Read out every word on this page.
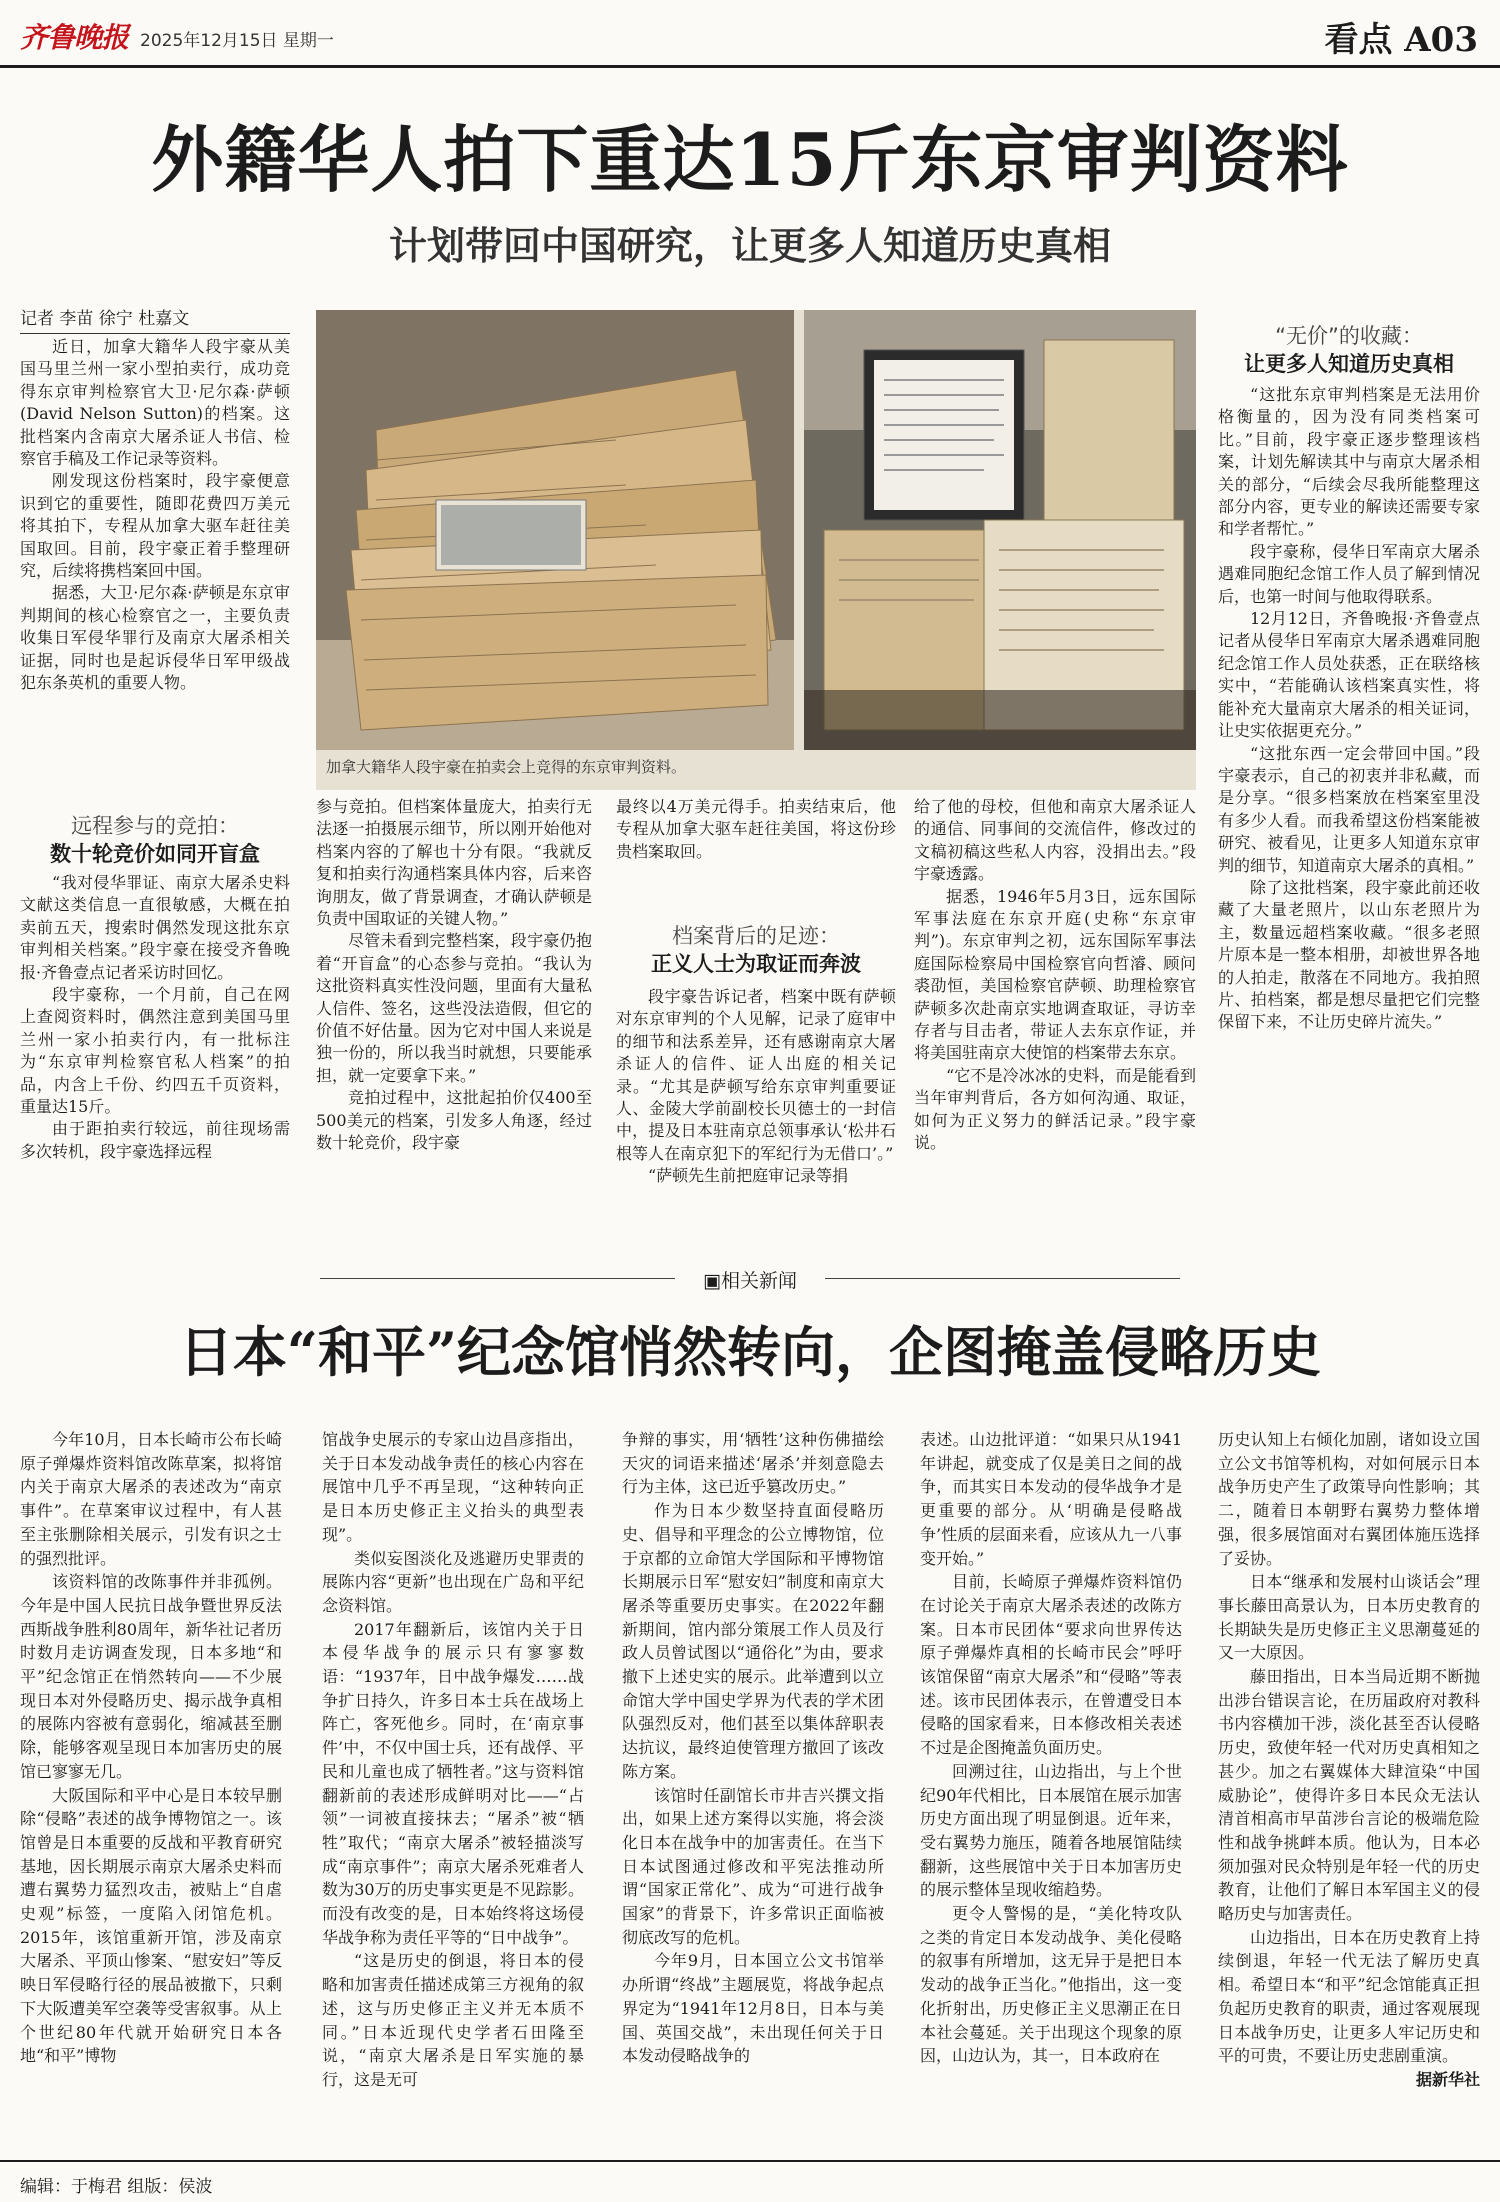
齐鲁晚报 2025年12月15日 星期一	看点 A03
外籍华人拍下重达15斤东京审判资料
计划带回中国研究，让更多人知道历史真相
记者 李苗 徐宁 杜嘉文

近日，加拿大籍华人段宇豪从美国马里兰州一家小型拍卖行，成功竞得东京审判检察官大卫·尼尔森·萨顿(David Nelson Sutton)的档案。这批档案内含南京大屠杀证人书信、检察官手稿及工作记录等资料。

刚发现这份档案时，段宇豪便意识到它的重要性，随即花费四万美元将其拍下，专程从加拿大驱车赶往美国取回。目前，段宇豪正着手整理研究，后续将携档案回中国。

据悉，大卫·尼尔森·萨顿是东京审判期间的核心检察官之一，主要负责收集日军侵华罪行及南京大屠杀相关证据，同时也是起诉侵华日军甲级战犯东条英机的重要人物。

远程参与的竞拍：
数十轮竞价如同开盲盒

“我对侵华罪证、南京大屠杀史料文献这类信息一直很敏感，大概在拍卖前五天，搜索时偶然发现这批东京审判相关档案。”段宇豪在接受齐鲁晚报·齐鲁壹点记者采访时回忆。

段宇豪称，一个月前，自己在网上查阅资料时，偶然注意到美国马里兰州一家小拍卖行内，有一批标注为“东京审判检察官私人档案”的拍品，内含上千份、约四五千页资料，重量达15斤。

由于距拍卖行较远，前往现场需多次转机，段宇豪选择远程

加拿大籍华人段宇豪在拍卖会上竞得的东京审判资料。

参与竞拍。但档案体量庞大，拍卖行无法逐一拍摄展示细节，所以刚开始他对档案内容的了解也十分有限。“我就反复和拍卖行沟通档案具体内容，后来咨询朋友，做了背景调查，才确认萨顿是负责中国取证的关键人物。”

尽管未看到完整档案，段宇豪仍抱着“开盲盒”的心态参与竞拍。“我认为这批资料真实性没问题，里面有大量私人信件、签名，这些没法造假，但它的价值不好估量。因为它对中国人来说是独一份的，所以我当时就想，只要能承担，就一定要拿下来。”

竞拍过程中，这批起拍价仅400至500美元的档案，引发多人角逐，经过数十轮竞价，段宇豪

最终以4万美元得手。拍卖结束后，他专程从加拿大驱车赶往美国，将这份珍贵档案取回。

档案背后的足迹：
正义人士为取证而奔波

段宇豪告诉记者，档案中既有萨顿对东京审判的个人见解，记录了庭审中的细节和法系差异，还有感谢南京大屠杀证人的信件、证人出庭的相关记录。“尤其是萨顿写给东京审判重要证人、金陵大学前副校长贝德士的一封信中，提及日本驻南京总领事承认‘松井石根等人在南京犯下的军纪行为无借口’。”

“萨顿先生前把庭审记录等捐

给了他的母校，但他和南京大屠杀证人的通信、同事间的交流信件，修改过的文稿初稿这些私人内容，没捐出去。”段宇豪透露。

据悉，1946年5月3日，远东国际军事法庭在东京开庭(史称“东京审判”)。东京审判之初，远东国际军事法庭国际检察局中国检察官向哲濬、顾问裘劭恒，美国检察官萨顿、助理检察官萨顿多次赴南京实地调查取证，寻访幸存者与目击者，带证人去东京作证，并将美国驻南京大使馆的档案带去东京。

“它不是冷冰冰的史料，而是能看到当年审判背后，各方如何沟通、取证，如何为正义努力的鲜活记录。”段宇豪说。

“无价”的收藏：
让更多人知道历史真相

“这批东京审判档案是无法用价格衡量的，因为没有同类档案可比。”目前，段宇豪正逐步整理该档案，计划先解读其中与南京大屠杀相关的部分，“后续会尽我所能整理这部分内容，更专业的解读还需要专家和学者帮忙。”

段宇豪称，侵华日军南京大屠杀遇难同胞纪念馆工作人员了解到情况后，也第一时间与他取得联系。

12月12日，齐鲁晚报·齐鲁壹点记者从侵华日军南京大屠杀遇难同胞纪念馆工作人员处获悉，正在联络核实中，“若能确认该档案真实性，将能补充大量南京大屠杀的相关证词，让史实依据更充分。”

“这批东西一定会带回中国。”段宇豪表示，自己的初衷并非私藏，而是分享。“很多档案放在档案室里没有多少人看。而我希望这份档案能被研究、被看见，让更多人知道东京审判的细节，知道南京大屠杀的真相。”

除了这批档案，段宇豪此前还收藏了大量老照片，以山东老照片为主，数量远超档案收藏。“很多老照片原本是一整本相册，却被世界各地的人拍走，散落在不同地方。我拍照片、拍档案，都是想尽量把它们完整保留下来，不让历史碎片流失。”

▣相关新闻
日本“和平”纪念馆悄然转向，企图掩盖侵略历史

今年10月，日本长崎市公布长崎原子弹爆炸资料馆改陈草案，拟将馆内关于南京大屠杀的表述改为“南京事件”。在草案审议过程中，有人甚至主张删除相关展示，引发有识之士的强烈批评。

该资料馆的改陈事件并非孤例。今年是中国人民抗日战争暨世界反法西斯战争胜利80周年，新华社记者历时数月走访调查发现，日本多地“和平”纪念馆正在悄然转向——不少展现日本对外侵略历史、揭示战争真相的展陈内容被有意弱化，缩减甚至删除，能够客观呈现日本加害历史的展馆已寥寥无几。

大阪国际和平中心是日本较早删除“侵略”表述的战争博物馆之一。该馆曾是日本重要的反战和平教育研究基地，因长期展示南京大屠杀史料而遭右翼势力猛烈攻击，被贴上“自虐史观”标签，一度陷入闭馆危机。2015年，该馆重新开馆，涉及南京大屠杀、平顶山惨案、“慰安妇”等反映日军侵略行径的展品被撤下，只剩下大阪遭美军空袭等受害叙事。从上个世纪80年代就开始研究日本各地“和平”博物

馆战争史展示的专家山边昌彦指出，关于日本发动战争责任的核心内容在展馆中几乎不再呈现，“这种转向正是日本历史修正主义抬头的典型表现”。

类似妄图淡化及逃避历史罪责的展陈内容“更新”也出现在广岛和平纪念资料馆。

2017年翻新后，该馆内关于日本侵华战争的展示只有寥寥数语：“1937年，日中战争爆发……战争扩日持久，许多日本士兵在战场上阵亡，客死他乡。同时，在‘南京事件’中，不仅中国士兵，还有战俘、平民和儿童也成了牺牲者。”这与资料馆翻新前的表述形成鲜明对比——“占领”一词被直接抹去；“屠杀”被“牺牲”取代；“南京大屠杀”被轻描淡写成“南京事件”；南京大屠杀死难者人数为30万的历史事实更是不见踪影。而没有改变的是，日本始终将这场侵华战争称为责任平等的“日中战争”。

“这是历史的倒退，将日本的侵略和加害责任描述成第三方视角的叙述，这与历史修正主义并无本质不同。”日本近现代史学者石田隆至说，“南京大屠杀是日军实施的暴行，这是无可

争辩的事实，用‘牺牲’这种伤佛描绘天灾的词语来描述‘屠杀’并刻意隐去行为主体，这已近乎篡改历史。”

作为日本少数坚持直面侵略历史、倡导和平理念的公立博物馆，位于京都的立命馆大学国际和平博物馆长期展示日军“慰安妇”制度和南京大屠杀等重要历史事实。在2022年翻新期间，馆内部分策展工作人员及行政人员曾试图以“通俗化”为由，要求撤下上述史实的展示。此举遭到以立命馆大学中国史学界为代表的学术团队强烈反对，他们甚至以集体辞职表达抗议，最终迫使管理方撤回了该改陈方案。

该馆时任副馆长市井吉兴撰文指出，如果上述方案得以实施，将会淡化日本在战争中的加害责任。在当下日本试图通过修改和平宪法推动所谓“国家正常化”、成为“可进行战争国家”的背景下，许多常识正面临被彻底改写的危机。

今年9月，日本国立公文书馆举办所谓“终战”主题展览，将战争起点界定为“1941年12月8日，日本与美国、英国交战”，未出现任何关于日本发动侵略战争的

表述。山边批评道：“如果只从1941年讲起，就变成了仅是美日之间的战争，而其实日本发动的侵华战争才是更重要的部分。从‘明确是侵略战争’性质的层面来看，应该从九一八事变开始。”

目前，长崎原子弹爆炸资料馆仍在讨论关于南京大屠杀表述的改陈方案。日本市民团体“要求向世界传达原子弹爆炸真相的长崎市民会”呼吁该馆保留“南京大屠杀”和“侵略”等表述。该市民团体表示，在曾遭受日本侵略的国家看来，日本修改相关表述不过是企图掩盖负面历史。

回溯过往，山边指出，与上个世纪90年代相比，日本展馆在展示加害历史方面出现了明显倒退。近年来，受右翼势力施压，随着各地展馆陆续翻新，这些展馆中关于日本加害历史的展示整体呈现收缩趋势。

更令人警惕的是，“美化特攻队之类的肯定日本发动战争、美化侵略的叙事有所增加，这无异于是把日本发动的战争正当化。”他指出，这一变化折射出，历史修正主义思潮正在日本社会蔓延。关于出现这个现象的原因，山边认为，其一，日本政府在

历史认知上右倾化加剧，诸如设立国立公文书馆等机构，对如何展示日本战争历史产生了政策导向性影响；其二，随着日本朝野右翼势力整体增强，很多展馆面对右翼团体施压选择了妥协。

日本“继承和发展村山谈话会”理事长藤田高景认为，日本历史教育的长期缺失是历史修正主义思潮蔓延的又一大原因。

藤田指出，日本当局近期不断抛出涉台错误言论，在历届政府对教科书内容横加干涉，淡化甚至否认侵略历史，致使年轻一代对历史真相知之甚少。加之右翼媒体大肆渲染“中国威胁论”，使得许多日本民众无法认清首相高市早苗涉台言论的极端危险性和战争挑衅本质。他认为，日本必须加强对民众特别是年轻一代的历史教育，让他们了解日本军国主义的侵略历史与加害责任。

山边指出，日本在历史教育上持续倒退，年轻一代无法了解历史真相。希望日本“和平”纪念馆能真正担负起历史教育的职责，通过客观展现日本战争历史，让更多人牢记历史和平的可贵，不要让历史悲剧重演。

据新华社

编辑：于梅君 组版：侯波
